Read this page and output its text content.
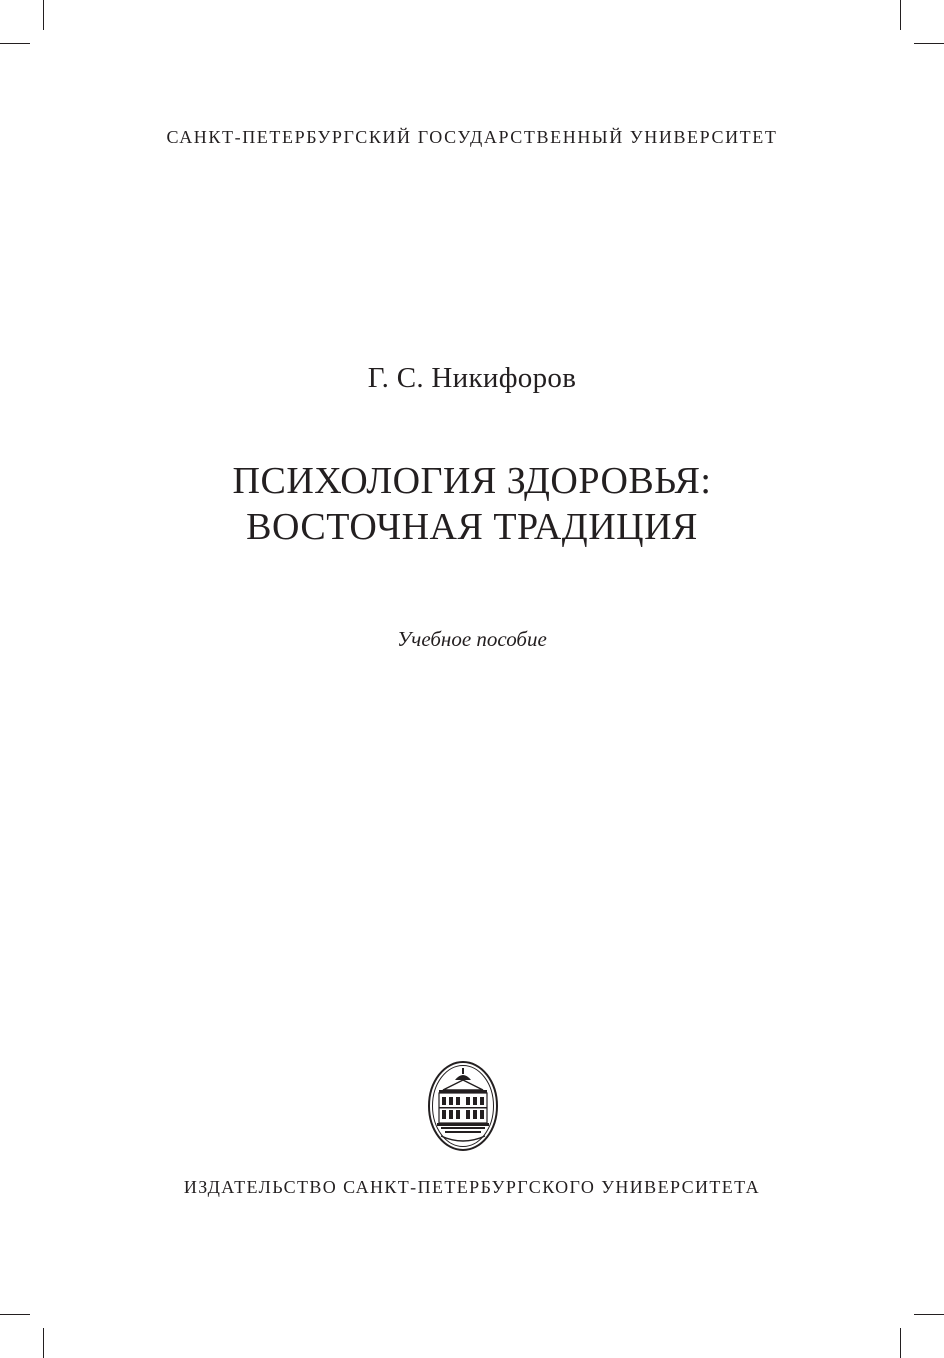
САНКТ-ПЕТЕРБУРГСКИЙ ГОСУДАРСТВЕННЫЙ УНИВЕРСИТЕТ
Г. С. Никифоров
ПСИХОЛОГИЯ ЗДОРОВЬЯ:
ВОСТОЧНАЯ ТРАДИЦИЯ
Учебное пособие
ИЗДАТЕЛЬСТВО САНКТ-ПЕТЕРБУРГСКОГО УНИВЕРСИТЕТА
